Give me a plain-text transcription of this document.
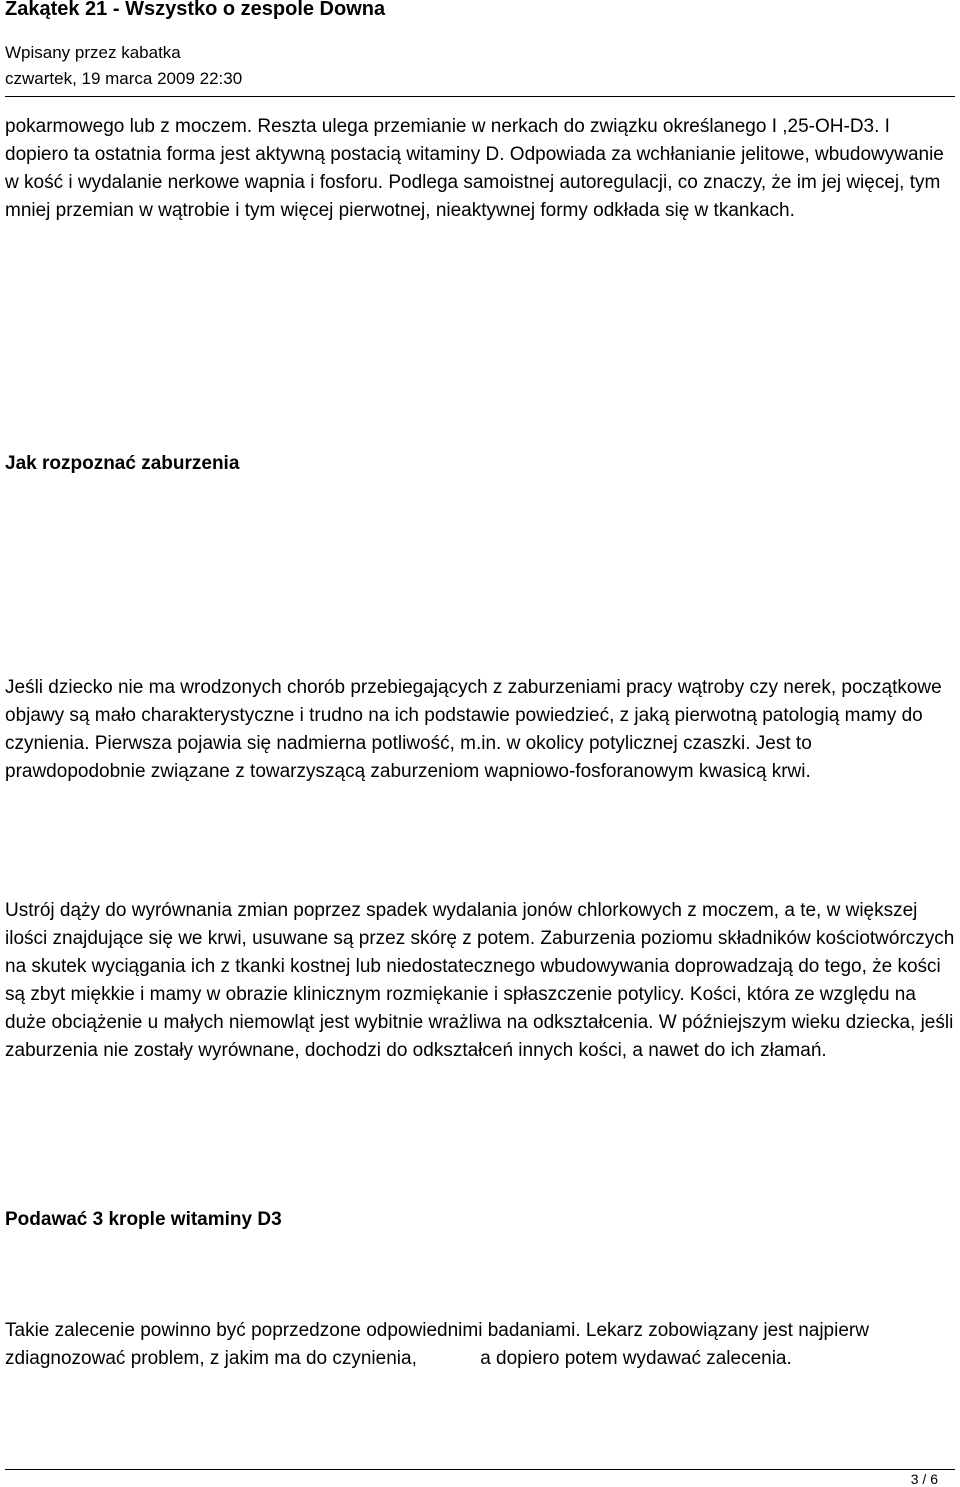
Zakątek 21 - Wszystko o zespole Downa
Wpisany przez kabatka
czwartek, 19 marca 2009 22:30

pokarmowego lub z moczem. Reszta ulega przemianie w nerkach do związku określanego I ,25-OH-D3. I dopiero ta ostatnia forma jest aktywną postacią witaminy D. Odpowiada za wchłanianie jelitowe, wbudowywanie w kość i wydalanie nerkowe wapnia i fosforu. Podlega samoistnej autoregulacji, co znaczy, że im jej więcej, tym mniej przemian w wątrobie i tym więcej pierwotnej, nieaktywnej formy odkłada się w tkankach.

Jak rozpoznać zaburzenia

Jeśli dziecko nie ma wrodzonych chorób przebiegających z zaburzeniami pracy wątroby czy nerek, początkowe objawy są mało charakterystyczne i trudno na ich podstawie powiedzieć, z jaką pierwotną patologią mamy do czynienia. Pierwsza pojawia się nadmierna potliwość, m.in. w okolicy potylicznej czaszki. Jest to prawdopodobnie związane z towarzyszącą zaburzeniom wapniowo-fosforanowym kwasicą krwi.

Ustrój dąży do wyrównania zmian poprzez spadek wydalania jonów chlorkowych z moczem, a te, w większej ilości znajdujące się we krwi, usuwane są przez skórę z potem. Zaburzenia poziomu składników kościotwórczych na skutek wyciągania ich z tkanki kostnej lub niedostatecznego wbudowywania doprowadzają do tego, że kości są zbyt miękkie i mamy w obrazie klinicznym rozmiękanie i spłaszczenie potylicy. Kości, która ze względu na duże obciążenie u małych niemowląt jest wybitnie wrażliwa na odkształcenia. W późniejszym wieku dziecka, jeśli zaburzenia nie zostały wyrównane, dochodzi do odkształceń innych kości, a nawet do ich złamań.

Podawać 3 krople witaminy D3

Takie zalecenie powinno być poprzedzone odpowiednimi badaniami. Lekarz zobowiązany jest najpierw zdiagnozować problem, z jakim ma do czynienia,            a dopiero potem wydawać zalecenia.

3 / 6
